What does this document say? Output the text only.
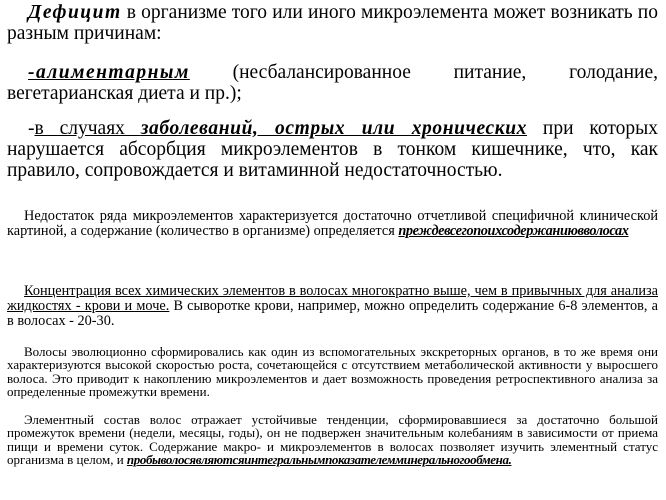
Дефицит в организме того или иного микроэлемента может возникать по разным причинам:

-алиментарным (несбалансированное питание, голодание, вегетарианская диета и пр.);

-в случаях заболеваний, острых или хронических при которых нарушается абсорбция микроэлементов в тонком кишечнике, что, как правило, сопровождается и витаминной недостаточностью.

Недостаток ряда микроэлементов характеризуется достаточно отчетливой специфичной клинической картиной, а содержание (количество в организме) определяется преждевсегопоихсодержаниювволосах

Концентрация всех химических элементов в волосах многократно выше, чем в привычных для анализа жидкостях - крови и моче. В сыворотке крови, например, можно определить содержание 6-8 элементов, а в волосах - 20-30.

Волосы эволюционно сформировались как один из вспомогательных экскреторных органов, в то же время они характеризуются высокой скоростью роста, сочетающейся с отсутствием метаболической активности у выросшего волоса. Это приводит к накоплению микроэлементов и дает возможность проведения ретроспективного анализа за определенные промежутки времени.

Элементный состав волос отражает устойчивые тенденции, сформировавшиеся за достаточно большой промежуток времени (недели, месяцы, годы), он не подвержен значительным колебаниям в зависимости от приема пищи и времени суток. Содержание макро- и микроэлементов в волосах позволяет изучить элементный статус организма в целом, и пробыволосявляютсяинтегральнымпоказателемминеральногообмена.
